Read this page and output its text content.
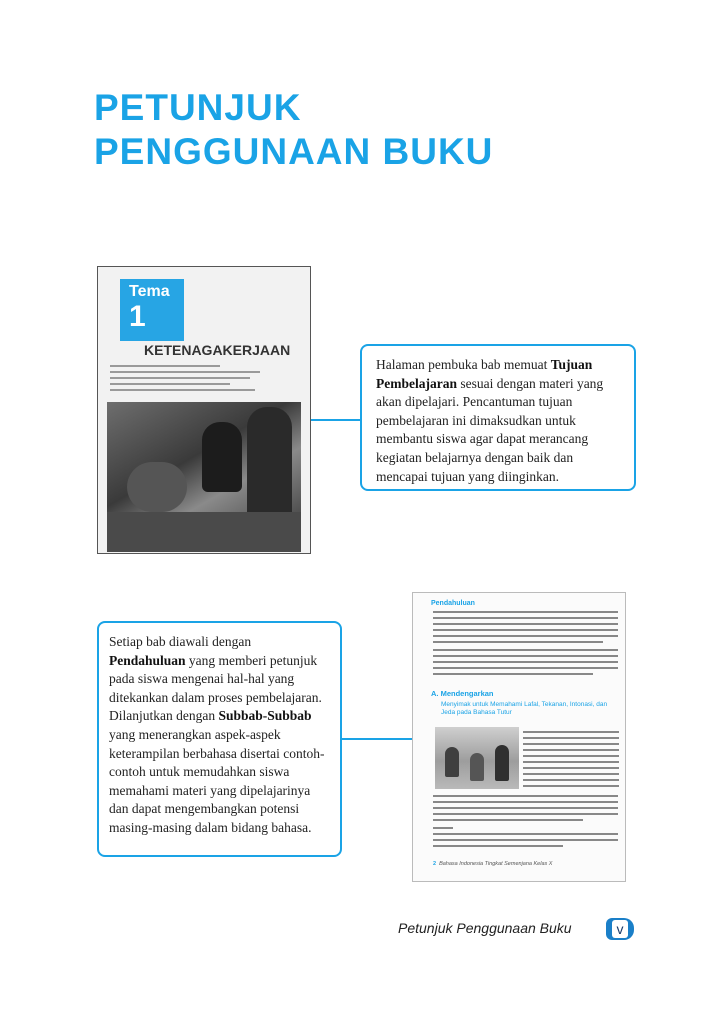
PETUNJUK
PENGGUNAAN BUKU
Tema
1
KETENAGAKERJAAN
Halaman pembuka bab memuat Tujuan Pembelajaran sesuai dengan materi yang akan dipelajari. Pencantuman tujuan pembelajaran ini dimaksudkan untuk membantu siswa agar dapat merancang kegiatan belajarnya dengan baik dan mencapai tujuan yang diinginkan.
Setiap bab diawali dengan Pendahuluan yang memberi petunjuk pada siswa mengenai hal-hal yang ditekankan dalam proses pembelajaran. Dilanjutkan dengan Subbab-Subbab yang menerangkan aspek-aspek keterampilan berbahasa disertai contoh-contoh untuk memudahkan siswa memahami materi yang dipelajarinya dan dapat mengembangkan potensi masing-masing dalam bidang bahasa.
Pendahuluan
A. Mendengarkan
Menyimak untuk Memahami Lafal, Tekanan, Intonasi, dan Jeda pada Bahasa Tutur
2 Bahasa Indonesia Tingkat Semenjana Kelas X
Petunjuk Penggunaan Buku	v
